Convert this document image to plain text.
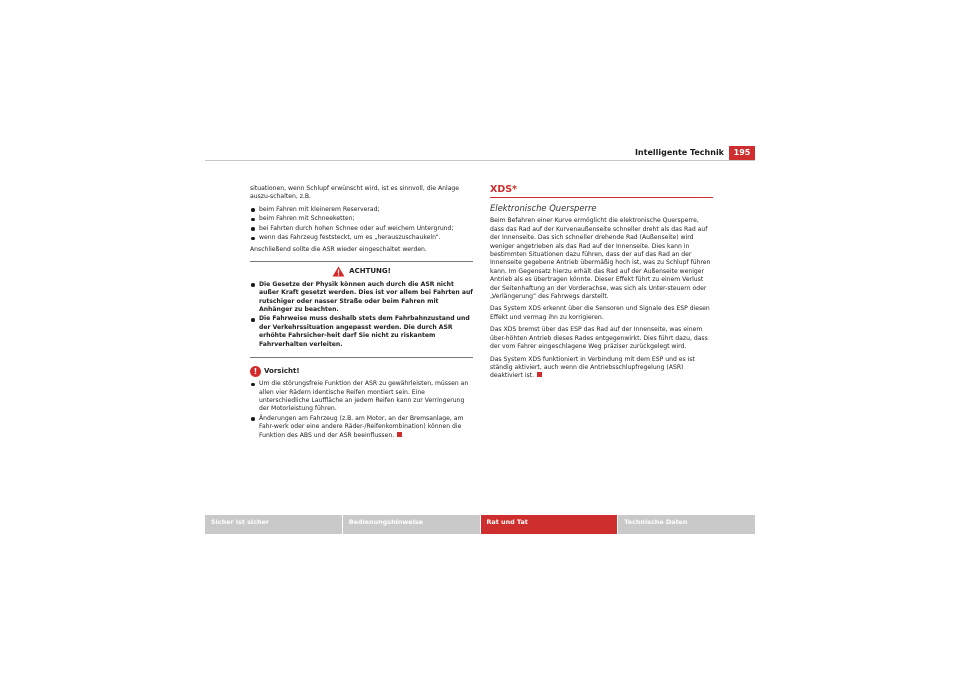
Intelligente Technik	195

situationen, wenn Schlupf erwünscht wird, ist es sinnvoll, die Anlage auszu-schalten, z.B.

beim Fahren mit kleinerem Reserverad;
beim Fahren mit Schneeketten;
bei Fahrten durch hohen Schnee oder auf weichem Untergrund;
wenn das Fahrzeug feststeckt, um es „herauszuschaukeln“.

Anschließend sollte die ASR wieder eingeschaltet werden.

ACHTUNG!
Die Gesetze der Physik können auch durch die ASR nicht außer Kraft gesetzt werden. Dies ist vor allem bei Fahrten auf rutschiger oder nasser Straße oder beim Fahren mit Anhänger zu beachten.
Die Fahrweise muss deshalb stets dem Fahrbahnzustand und der Verkehrssituation angepasst werden. Die durch ASR erhöhte Fahrsicher-heit darf Sie nicht zu riskantem Fahrverhalten verleiten.
! Vorsicht!
Um die störungsfreie Funktion der ASR zu gewährleisten, müssen an allen vier Rädern identische Reifen montiert sein. Eine unterschiedliche Lauffläche an jedem Reifen kann zur Verringerung der Motorleistung führen.
Änderungen am Fahrzeug (z.B. am Motor, an der Bremsanlage, am Fahr-werk oder eine andere Räder-/Reifenkombination) können die Funktion des ABS und der ASR beeinflussen.
XDS*
Elektronische Quersperre

Beim Befahren einer Kurve ermöglicht die elektronische Quersperre, dass das Rad auf der Kurvenaußenseite schneller dreht als das Rad auf der Innenseite. Das sich schneller drehende Rad (Außenseite) wird weniger angetrieben als das Rad auf der Innenseite. Dies kann in bestimmten Situationen dazu führen, dass der auf das Rad an der Innenseite gegebene Antrieb übermäßig hoch ist, was zu Schlupf führen kann. Im Gegensatz hierzu erhält das Rad auf der Außenseite weniger Antrieb als es übertragen könnte. Dieser Effekt führt zu einem Verlust der Seitenhaftung an der Vorderachse, was sich als Unter-steuern oder „Verlängerung“ des Fahrwegs darstellt.

Das System XDS erkennt über die Sensoren und Signale des ESP diesen Effekt und vermag ihn zu korrigieren.

Das XDS bremst über das ESP das Rad auf der Innenseite, was einem über-höhten Antrieb dieses Rades entgegenwirkt. Dies führt dazu, dass der vom Fahrer eingeschlagene Weg präziser zurückgelegt wird.

Das System XDS funktioniert in Verbindung mit dem ESP und es ist ständig aktiviert, auch wenn die Antriebsschlupfregelung (ASR) deaktiviert ist.

Sicher ist sicher	Bedienungshinweise	Rat und Tat	Technische Daten
